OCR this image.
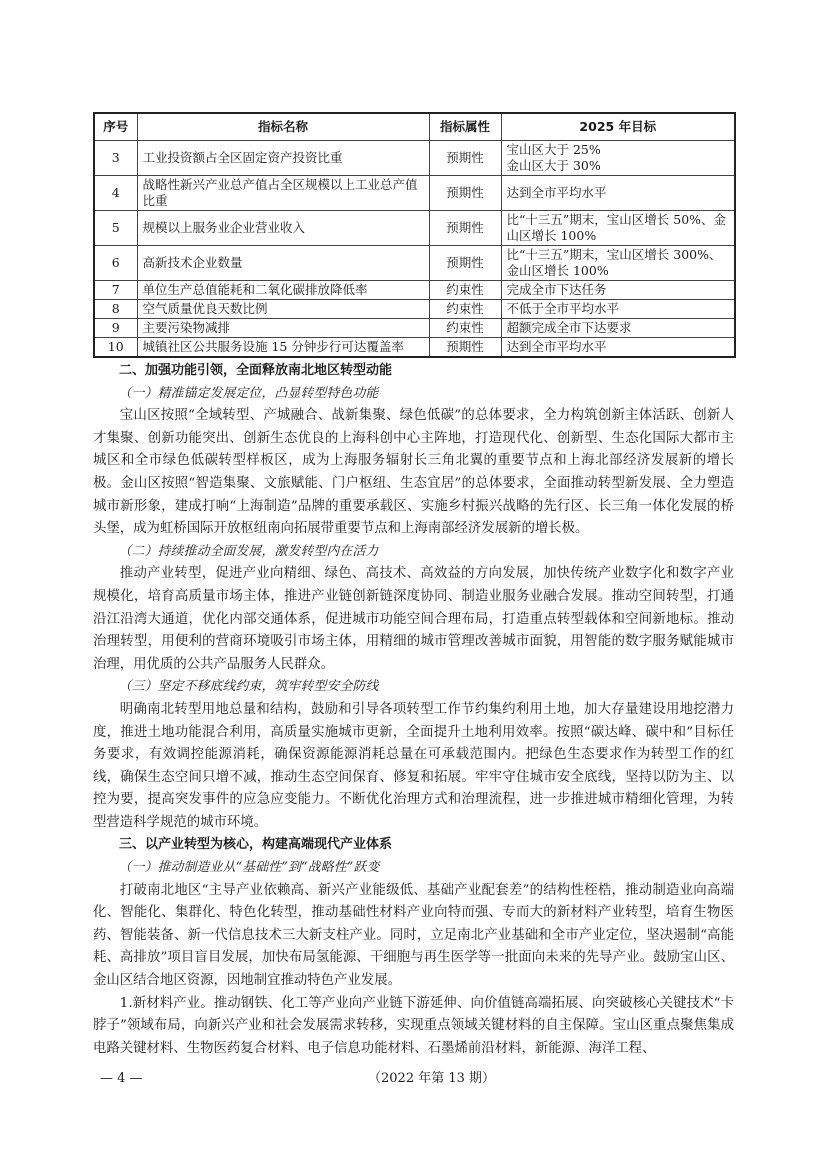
序号	指标名称	指标属性	2025 年目标
3	工业投资额占全区固定资产投资比重	预期性	宝山区大于 25%
金山区大于 30%

4	战略性新兴产业总产值占全区规模以上工业总产值比重	预期性	达到全市平均水平
5	规模以上服务业企业营业收入	预期性	比“十三五”期末，宝山区增长 50%、金山区增长 100%
6	高新技术企业数量	预期性	比“十三五”期末，宝山区增长 300%、金山区增长 100%
7	单位生产总值能耗和二氧化碳排放降低率	约束性	完成全市下达任务
8	空气质量优良天数比例	约束性	不低于全市平均水平
9	主要污染物减排	约束性	超额完成全市下达要求
10	城镇社区公共服务设施 15 分钟步行可达覆盖率	预期性	达到全市平均水平

二、加强功能引领，全面释放南北地区转型动能

（一）精准锚定发展定位，凸显转型特色功能

宝山区按照“全域转型、产城融合、战新集聚、绿色低碳”的总体要求，全力构筑创新主体活跃、创新人才集聚、创新功能突出、创新生态优良的上海科创中心主阵地，打造现代化、创新型、生态化国际大都市主城区和全市绿色低碳转型样板区，成为上海服务辐射长三角北翼的重要节点和上海北部经济发展新的增长极。金山区按照“智造集聚、文旅赋能、门户枢纽、生态宜居”的总体要求，全面推动转型新发展、全力塑造城市新形象，建成打响“上海制造”品牌的重要承载区、实施乡村振兴战略的先行区、长三角一体化发展的桥头堡，成为虹桥国际开放枢纽南向拓展带重要节点和上海南部经济发展新的增长极。

（二）持续推动全面发展，激发转型内在活力

推动产业转型，促进产业向精细、绿色、高技术、高效益的方向发展，加快传统产业数字化和数字产业规模化，培育高质量市场主体，推进产业链创新链深度协同、制造业服务业融合发展。推动空间转型，打通沿江沿湾大通道，优化内部交通体系，促进城市功能空间合理布局，打造重点转型载体和空间新地标。推动治理转型，用便利的营商环境吸引市场主体，用精细的城市管理改善城市面貌，用智能的数字服务赋能城市治理，用优质的公共产品服务人民群众。

（三）坚定不移底线约束，筑牢转型安全防线

明确南北转型用地总量和结构，鼓励和引导各项转型工作节约集约利用土地，加大存量建设用地挖潜力度，推进土地功能混合利用，高质量实施城市更新，全面提升土地利用效率。按照“碳达峰、碳中和”目标任务要求，有效调控能源消耗，确保资源能源消耗总量在可承载范围内。把绿色生态要求作为转型工作的红线，确保生态空间只增不减，推动生态空间保育、修复和拓展。牢牢守住城市安全底线，坚持以防为主、以控为要，提高突发事件的应急应变能力。不断优化治理方式和治理流程，进一步推进城市精细化管理，为转型营造科学规范的城市环境。

三、以产业转型为核心，构建高端现代产业体系

（一）推动制造业从“基础性”到“战略性”跃变

打破南北地区“主导产业依赖高、新兴产业能级低、基础产业配套差”的结构性桎梏，推动制造业向高端化、智能化、集群化、特色化转型，推动基础性材料产业向特而强、专而大的新材料产业转型，培育生物医药、智能装备、新一代信息技术三大新支柱产业。同时，立足南北产业基础和全市产业定位，坚决遏制“高能耗、高排放”项目盲目发展，加快布局氢能源、干细胞与再生医学等一批面向未来的先导产业。鼓励宝山区、金山区结合地区资源，因地制宜推动特色产业发展。

1.新材料产业。推动钢铁、化工等产业向产业链下游延伸、向价值链高端拓展、向突破核心关键技术“卡脖子”领域布局，向新兴产业和社会发展需求转移，实现重点领域关键材料的自主保障。宝山区重点聚焦集成电路关键材料、生物医药复合材料、电子信息功能材料、石墨烯前沿材料，新能源、海洋工程、

— 4 —	（2022 年第 13 期）
